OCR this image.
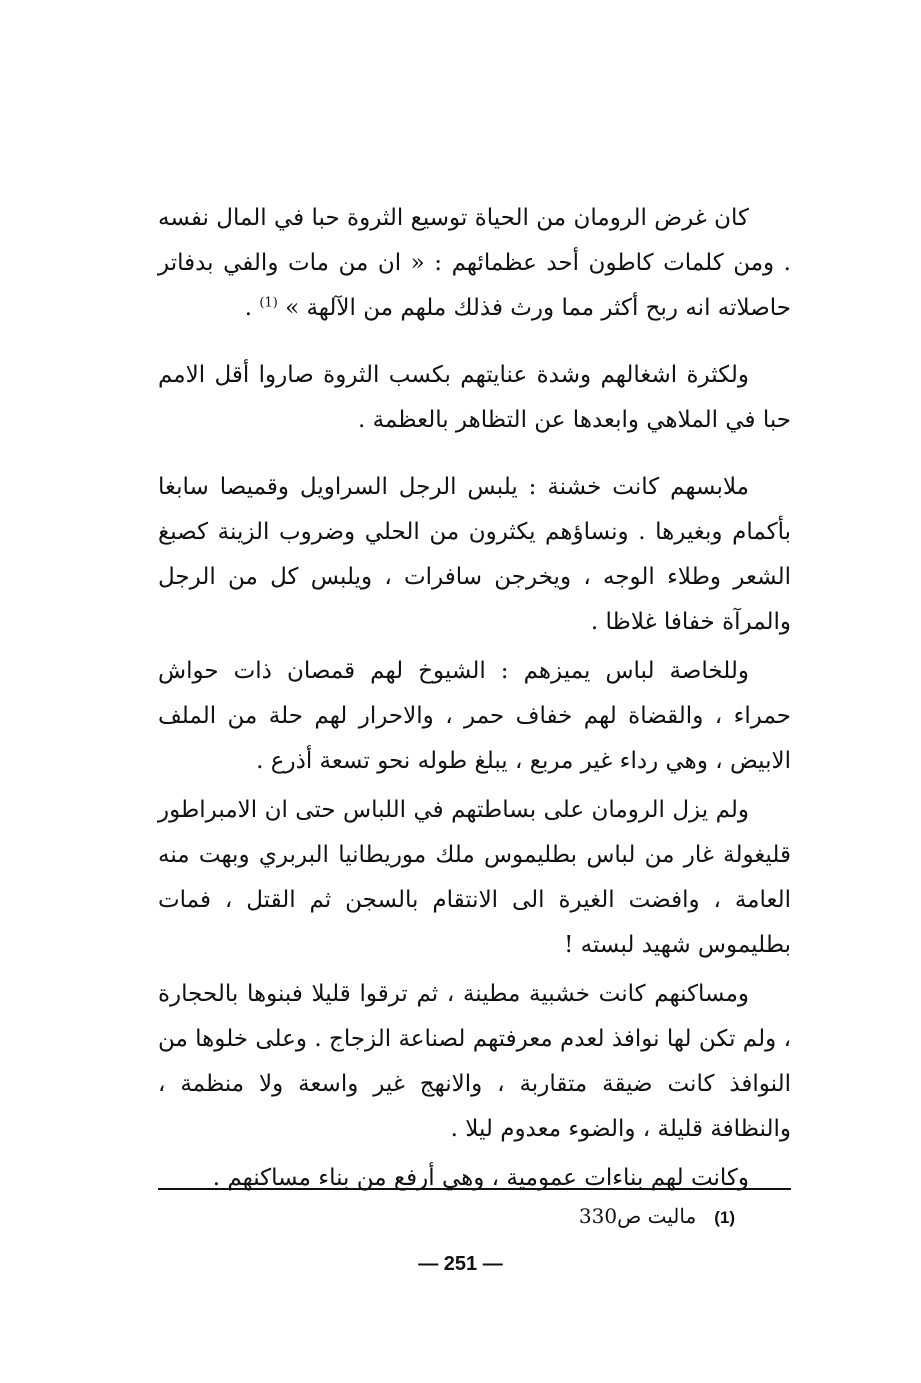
كان غرض الرومان من الحياة توسيع الثروة حبا في المال نفسه . ومن كلمات كاطون أحد عظمائهم : « ان من مات والفي بدفاتر حاصلاته انه ربح أكثر مما ورث فذلك ملهم من الآلهة » $^{(1)}$ .

ولكثرة اشغالهم وشدة عنايتهم بكسب الثروة صاروا أقل الامم حبا في الملاهي وابعدها عن التظاهر بالعظمة .

ملابسهم كانت خشنة : يلبس الرجل السراويل وقميصا سابغا بأكمام وبغيرها . ونساؤهم يكثرون من الحلي وضروب الزينة كصبغ الشعر وطلاء الوجه ، ويخرجن سافرات ، ويلبس كل من الرجل والمرآة خفافا غلاظا .

وللخاصة لباس يميزهم : الشيوخ لهم قمصان ذات حواش حمراء ، والقضاة لهم خفاف حمر ، والاحرار لهم حلة من الملف الابيض ، وهي رداء غير مربع ، يبلغ طوله نحو تسعة أذرع .

ولم يزل الرومان على بساطتهم في اللباس حتى ان الامبراطور قليغولة غار من لباس بطليموس ملك موريطانيا البربري وبهت منه العامة ، وافضت الغيرة الى الانتقام بالسجن ثم القتل ، فمات بطليموس شهيد لبسته !

ومساكنهم كانت خشبية مطينة ، ثم ترقوا قليلا فبنوها بالحجارة ، ولم تكن لها نوافذ لعدم معرفتهم لصناعة الزجاج . وعلى خلوها من النوافذ كانت ضيقة متقاربة ، والانهج غير واسعة ولا منظمة ، والنظافة قليلة ، والضوء معدوم ليلا .

وكانت لهم بناءات عمومية ، وهي أرفع من بناء مساكنهم .

(1)ماليت ص330
— 251 —
